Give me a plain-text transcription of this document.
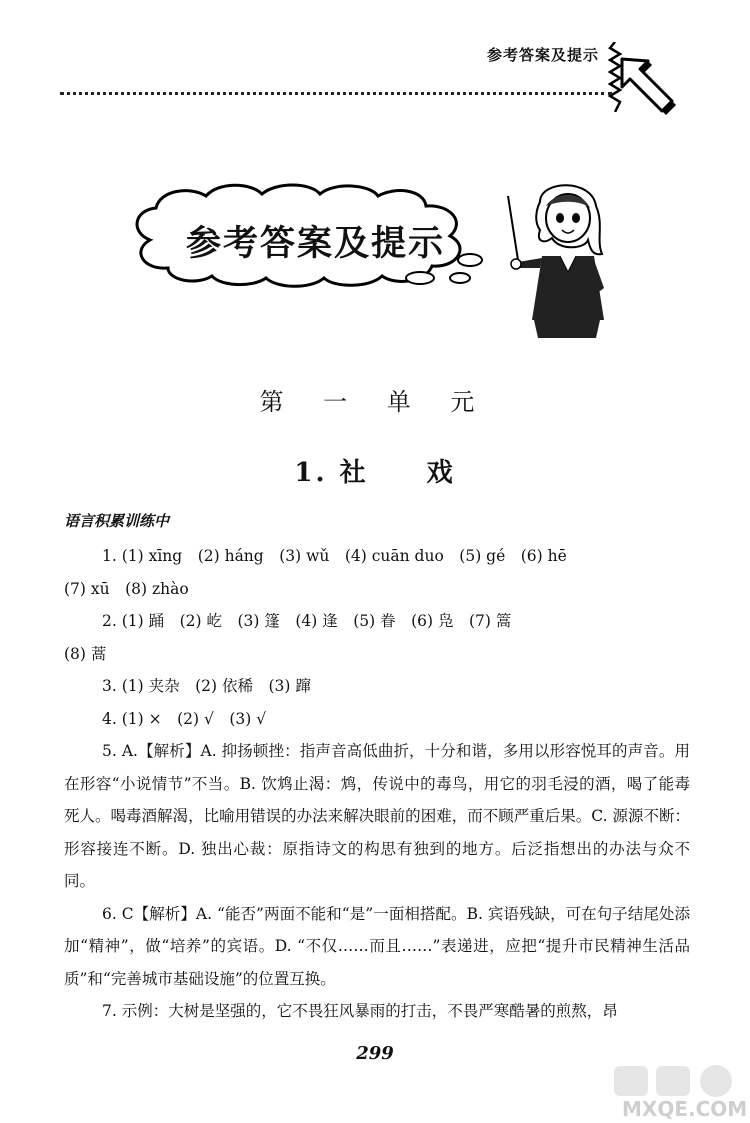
参考答案及提示
参考答案及提示
第 一 单 元
1. 社　　戏
语言积累训练中

1. (1) xīng　(2) háng　(3) wǔ　(4) cuān duo　(5) gé　(6) hē

(7) xū　(8) zhào

2. (1) 踊　(2) 屹　(3) 篷　(4) 逢　(5) 眷　(6) 凫　(7) 篙

(8) 蒿

3. (1) 夹杂　(2) 依稀　(3) 蹿

4. (1) ×　(2) √　(3) √

5. A.【解析】A. 抑扬顿挫：指声音高低曲折，十分和谐，多用以形容悦耳的声音。用在形容“小说情节”不当。B. 饮鸩止渴：鸩，传说中的毒鸟，用它的羽毛浸的酒，喝了能毒死人。喝毒酒解渴，比喻用错误的办法来解决眼前的困难，而不顾严重后果。C. 源源不断：形容接连不断。D. 独出心裁：原指诗文的构思有独到的地方。后泛指想出的办法与众不同。

6. C【解析】A. “能否”两面不能和“是”一面相搭配。B. 宾语残缺，可在句子结尾处添加“精神”，做“培养”的宾语。D. “不仅……而且……”表递进，应把“提升市民精神生活品质”和“完善城市基础设施”的位置互换。

7. 示例：大树是坚强的，它不畏狂风暴雨的打击，不畏严寒酷暑的煎熬，昂

299
MXQE.COM
